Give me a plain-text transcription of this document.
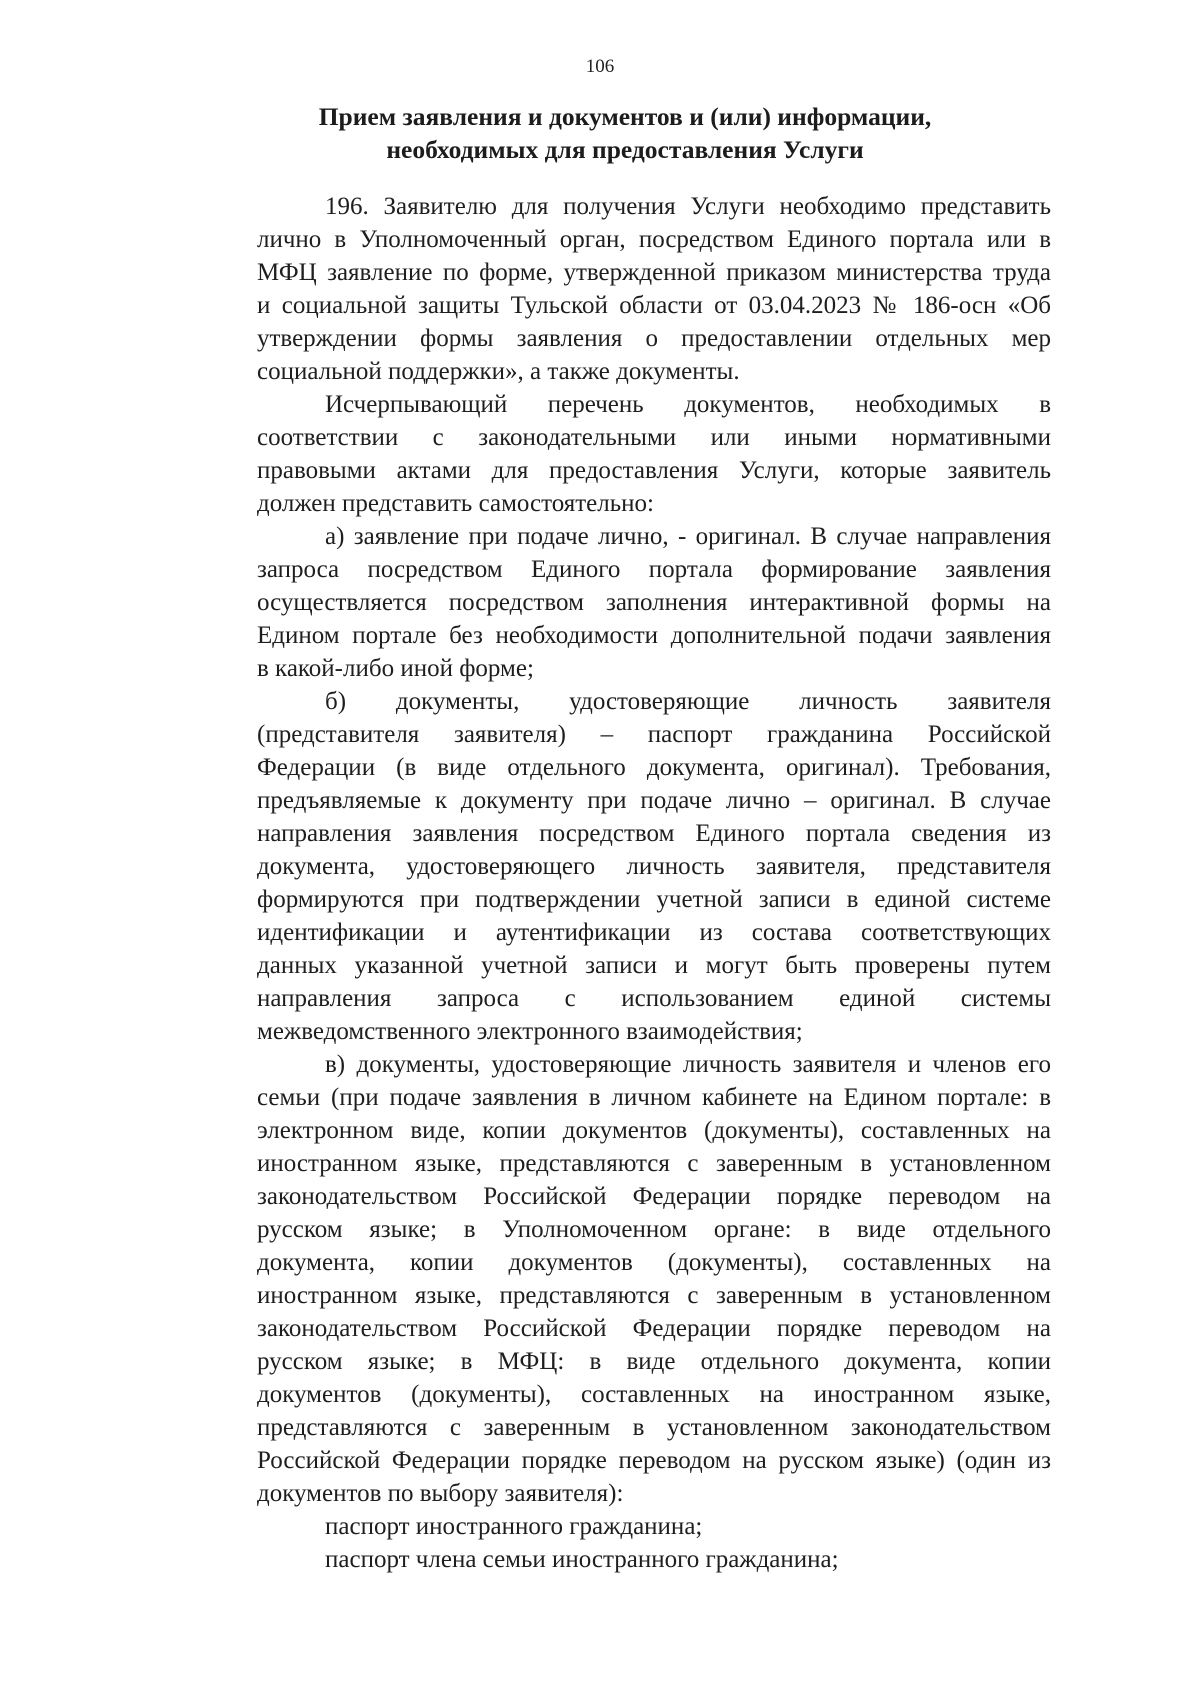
106
Прием заявления и документов и (или) информации,
необходимых для предоставления Услуги
196. Заявителю для получения Услуги необходимо представить
лично в Уполномоченный орган, посредством Единого портала или в
МФЦ заявление по форме, утвержденной приказом министерства труда
и социальной защиты Тульской области от 03.04.2023 № 186-осн «Об
утверждении формы заявления о предоставлении отдельных мер
социальной поддержки», а также документы.
Исчерпывающий перечень документов, необходимых в
соответствии с законодательными или иными нормативными
правовыми актами для предоставления Услуги, которые заявитель
должен представить самостоятельно:
а) заявление при подаче лично, - оригинал. В случае направления
запроса посредством Единого портала формирование заявления
осуществляется посредством заполнения интерактивной формы на
Едином портале без необходимости дополнительной подачи заявления
в какой-либо иной форме;
б) документы, удостоверяющие личность заявителя
(представителя заявителя) – паспорт гражданина Российской
Федерации (в виде отдельного документа, оригинал). Требования,
предъявляемые к документу при подаче лично – оригинал. В случае
направления заявления посредством Единого портала сведения из
документа, удостоверяющего личность заявителя, представителя
формируются при подтверждении учетной записи в единой системе
идентификации и аутентификации из состава соответствующих
данных указанной учетной записи и могут быть проверены путем
направления запроса с использованием единой системы
межведомственного электронного взаимодействия;
в) документы, удостоверяющие личность заявителя и членов его
семьи (при подаче заявления в личном кабинете на Едином портале: в
электронном виде, копии документов (документы), составленных на
иностранном языке, представляются с заверенным в установленном
законодательством Российской Федерации порядке переводом на
русском языке; в Уполномоченном органе: в виде отдельного
документа, копии документов (документы), составленных на
иностранном языке, представляются с заверенным в установленном
законодательством Российской Федерации порядке переводом на
русском языке; в МФЦ: в виде отдельного документа, копии
документов (документы), составленных на иностранном языке,
представляются с заверенным в установленном законодательством
Российской Федерации порядке переводом на русском языке) (один из
документов по выбору заявителя):
паспорт иностранного гражданина;
паспорт члена семьи иностранного гражданина;
